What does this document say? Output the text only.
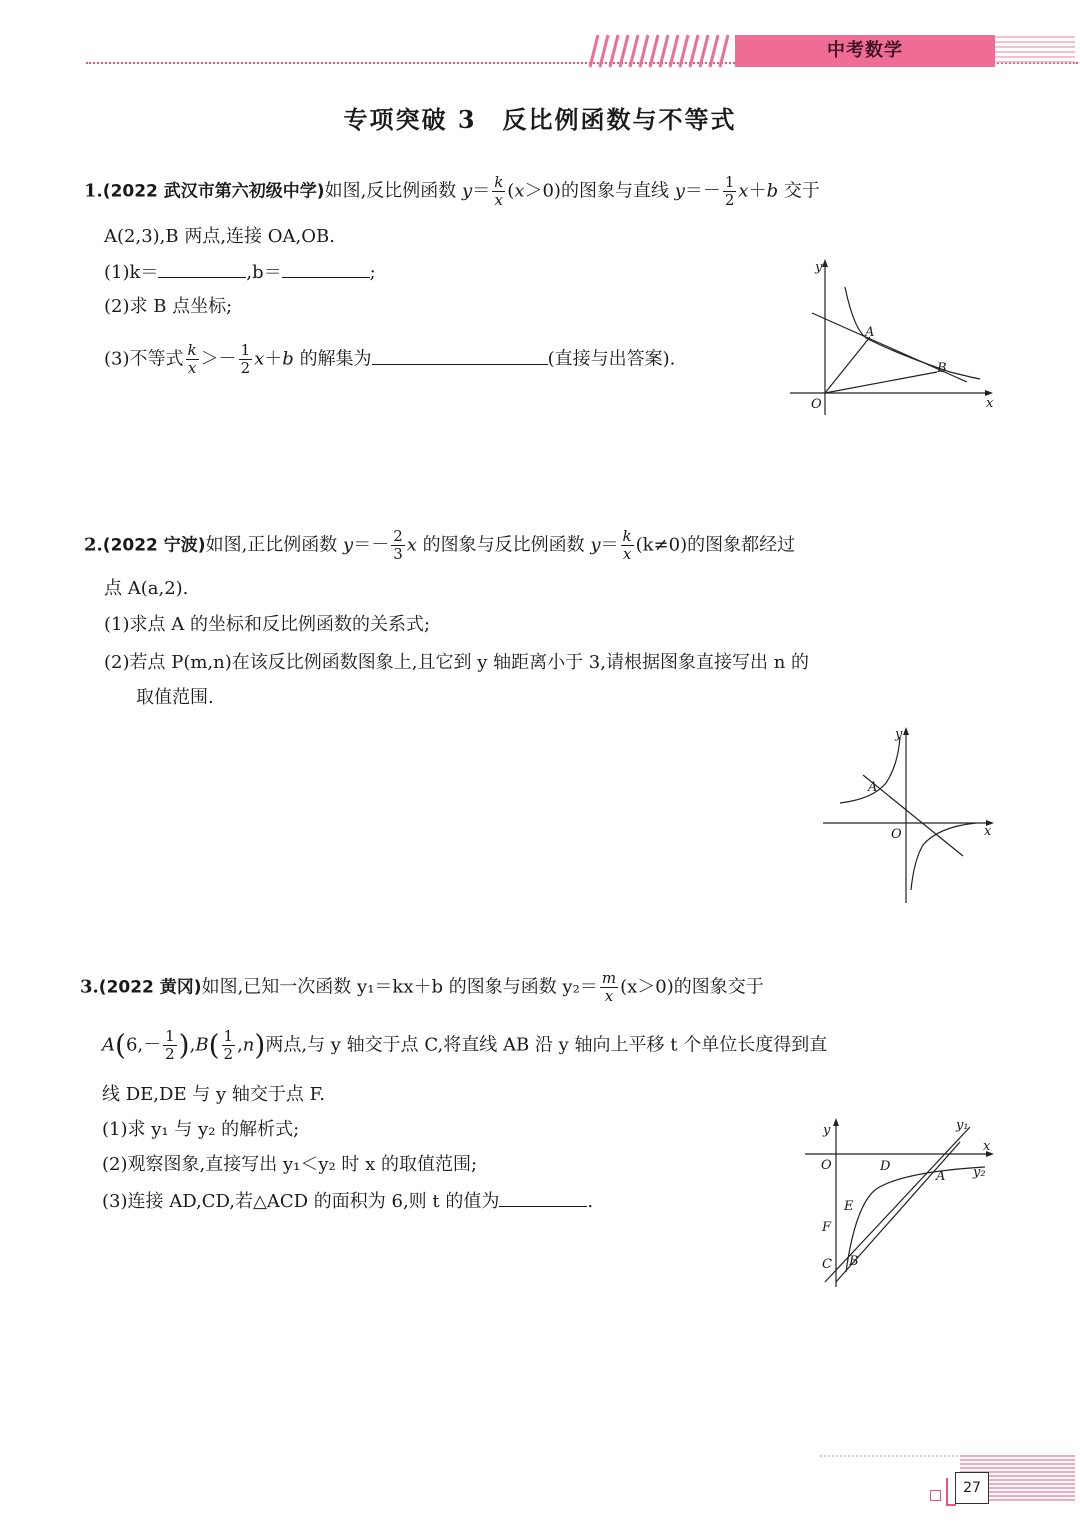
中考数学
专项突破 3　反比例函数与不等式
1.(2022 武汉市第六初级中学)如图,反比例函数 $y= \frac{k}{x} (x>0)$的图象与直线 $y=- \frac{1}{2} x+b$ 交于
A(2,3),B 两点,连接 OA,OB.
(1)k＝	,b＝	;
(2)求 B 点坐标;
(3)不等式 $\frac{k}{x} >- \frac{1}{2} x+b$ 的解集为	(直接与出答案).
y
x
O
A
B
2.(2022 宁波)如图,正比例函数 $y=- \frac{2}{3}$ x 的图象与反比例函数 $y= \frac{k}{x} (k\ne 0)$的图象都经过
点 A(a,2).
(1)求点 A 的坐标和反比例函数的关系式;
(2)若点 P(m,n)在该反比例函数图象上,且它到 y 轴距离小于 3,请根据图象直接写出 n 的
取值范围.
y
x
O
A
3.(2022 黄冈)如图,已知一次函数 y₁＝kx＋b 的图象与函数 $y_2= \frac{m}{x} (x>0)$的图象交于
$A(6,- \frac{1}{2} ),B( \frac{1}{2} ,n)$两点,与 y 轴交于点 C,将直线 AB 沿 y 轴向上平移 t 个单位长度得到直
线 DE,DE 与 y 轴交于点 F.
(1)求 y₁ 与 y₂ 的解析式;
(2)观察图象,直接写出 y₁＜y₂ 时 x 的取值范围;
(3)连接 AD,CD,若△ACD 的面积为 6,则 t 的值为	.
y
x
O
y₁
y₂
A
B
C
D
E
F
27
